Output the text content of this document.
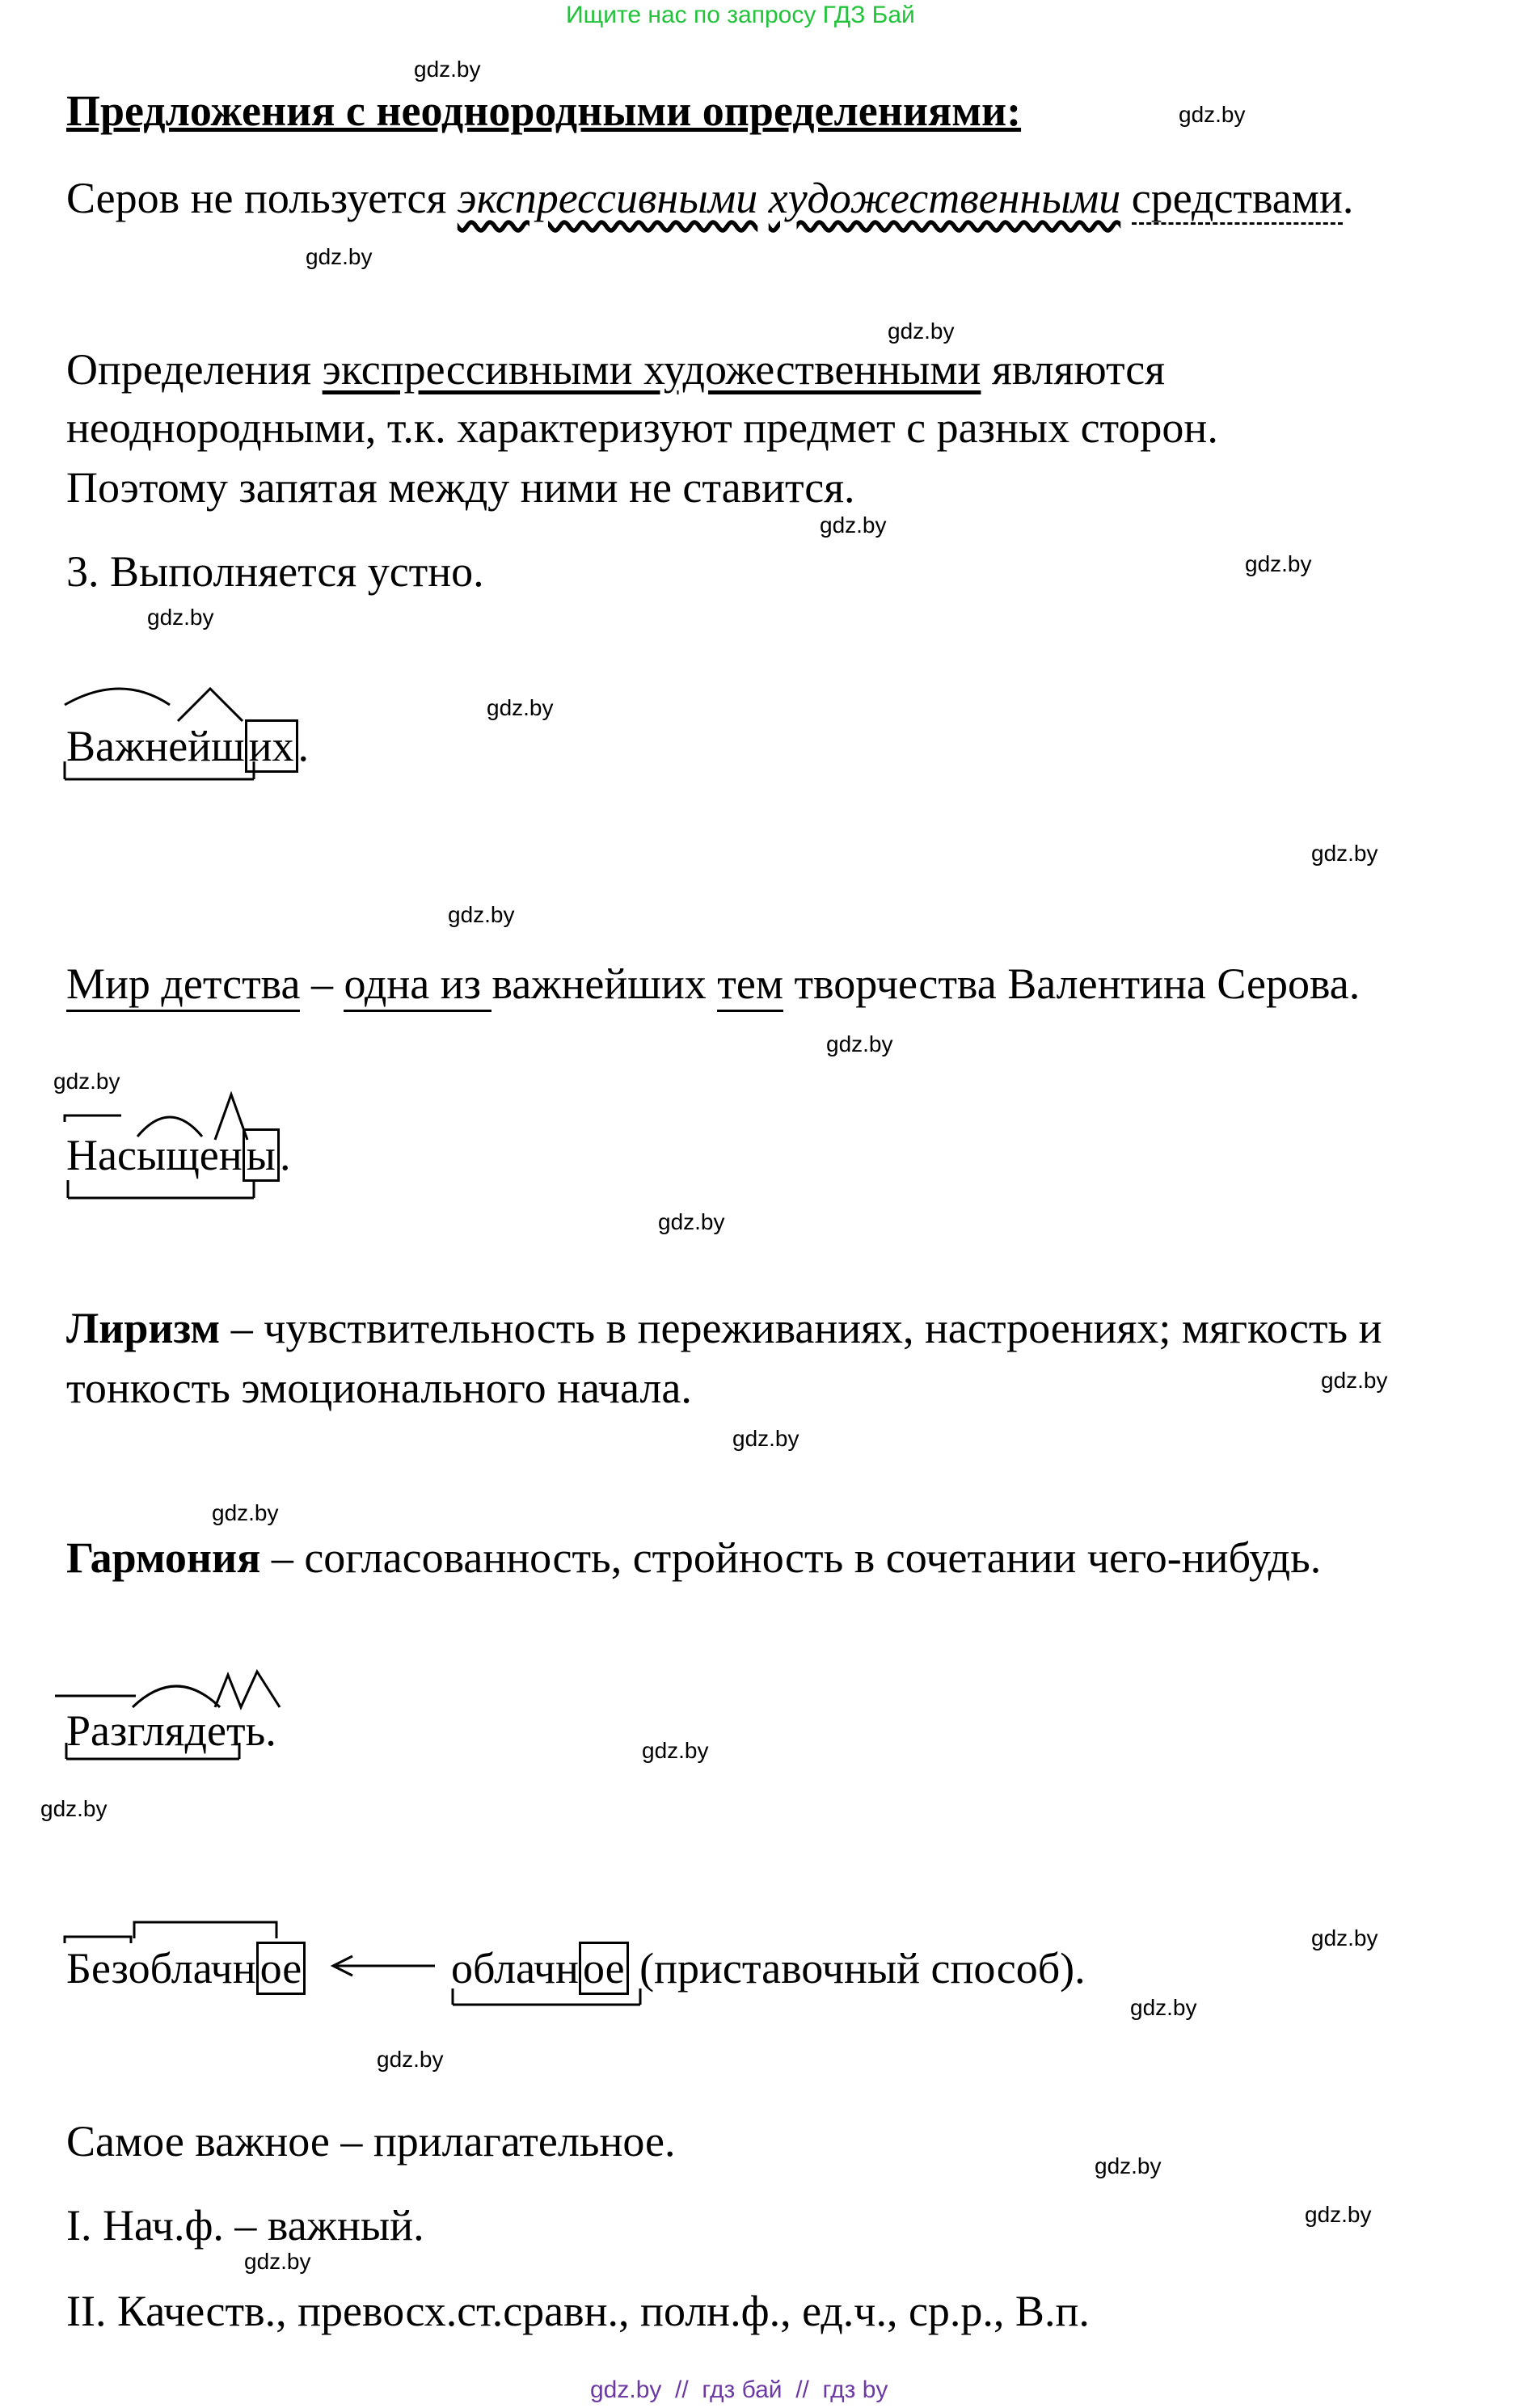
Ищите нас по запросу ГДЗ Бай
gdz.by
gdz.by
gdz.by
gdz.by
gdz.by
gdz.by
gdz.by
gdz.by
gdz.by
gdz.by
gdz.by
gdz.by
gdz.by
gdz.by
gdz.by
gdz.by
gdz.by
gdz.by
gdz.by
gdz.by
gdz.by
gdz.by
gdz.by
gdz.by
Предложения с неоднородными определениями:
Серов не пользуется экспрессивными художественными средствами.
Определения экспрессивными художественными являются
неоднородными, т.к. характеризуют предмет с разных сторон.
Поэтому запятая между ними не ставится.
3. Выполняется устно.
Важнейших.
Мир детства – одна из важнейших тем творчества Валентина Серова.
Насыщены.
Лиризм – чувствительность в переживаниях, настроениях; мягкость и
тонкость эмоционального начала.
Гармония – согласованность, стройность в сочетании чего-нибудь.
Разглядеть.
Безоблачное	облачное (приставочный способ).
Самое важное – прилагательное.
I. Нач.ф. – важный.
II. Качеств., превосх.ст.сравн., полн.ф., ед.ч., ср.р., В.п.
gdz.by  //  гдз бай  //  гдз by
